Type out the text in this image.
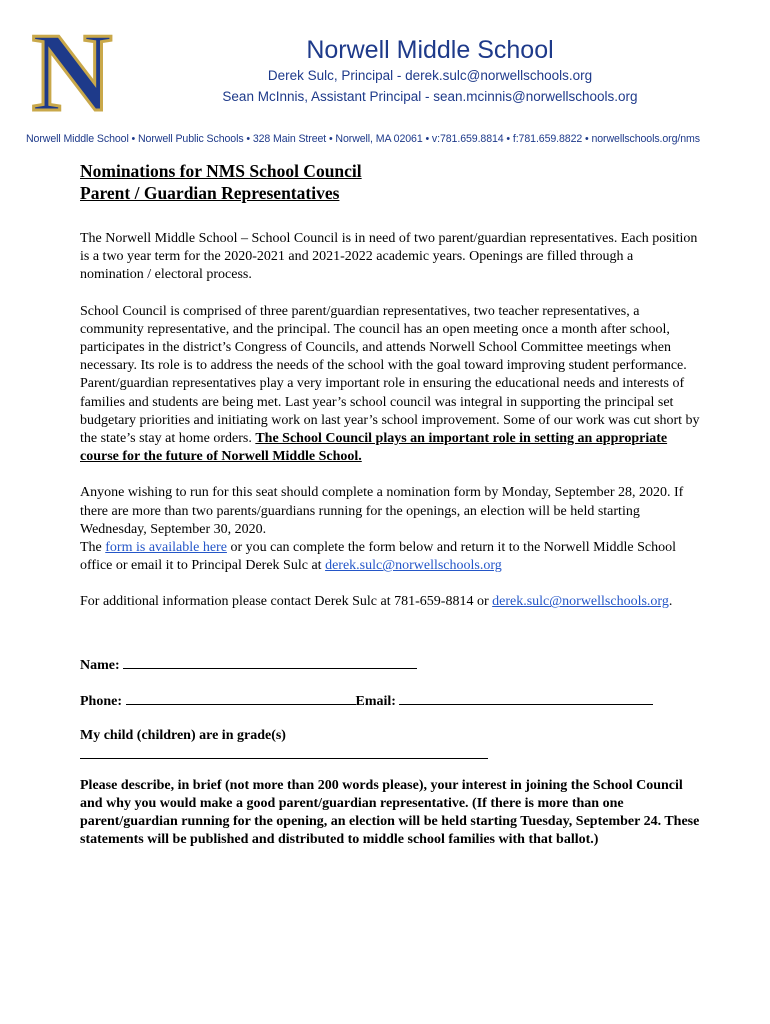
N	Norwell Middle School
Derek Sulc, Principal - derek.sulc@norwellschools.org
Sean McInnis, Assistant Principal - sean.mcinnis@norwellschools.org
Norwell Middle School • Norwell Public Schools • 328 Main Street • Norwell, MA 02061 • v:781.659.8814 • f:781.659.8822 • norwellschools.org/nms

Nominations for NMS School Council

Parent / Guardian Representatives

The Norwell Middle School – School Council is in need of two parent/guardian representatives. Each position is a two year term for the 2020-2021 and 2021-2022 academic years. Openings are filled through a nomination / electoral process.

School Council is comprised of three parent/guardian representatives, two teacher representatives, a community representative, and the principal. The council has an open meeting once a month after school, participates in the district’s Congress of Councils, and attends Norwell School Committee meetings when necessary. Its role is to address the needs of the school with the goal toward improving student performance. Parent/guardian representatives play a very important role in ensuring the educational needs and interests of families and students are being met. Last year’s school council was integral in supporting the principal set budgetary priorities and initiating work on last year’s school improvement. Some of our work was cut short by the state’s stay at home orders. The School Council plays an important role in setting an appropriate course for the future of Norwell Middle School.

Anyone wishing to run for this seat should complete a nomination form by Monday, September 28, 2020. If there are more than two parents/guardians running for the openings, an election will be held starting Wednesday, September 30, 2020.
The form is available here or you can complete the form below and return it to the Norwell Middle School office or email it to Principal Derek Sulc at derek.sulc@norwellschools.org

For additional information please contact Derek Sulc at 781-659-8814 or derek.sulc@norwellschools.org.

Name:

Phone:	Email:

My child (children) are in grade(s)

Please describe, in brief (not more than 200 words please), your interest in joining the School Council and why you would make a good parent/guardian representative. (If there is more than one parent/guardian running for the opening, an election will be held starting Tuesday, September 24. These statements will be published and distributed to middle school families with that ballot.)
